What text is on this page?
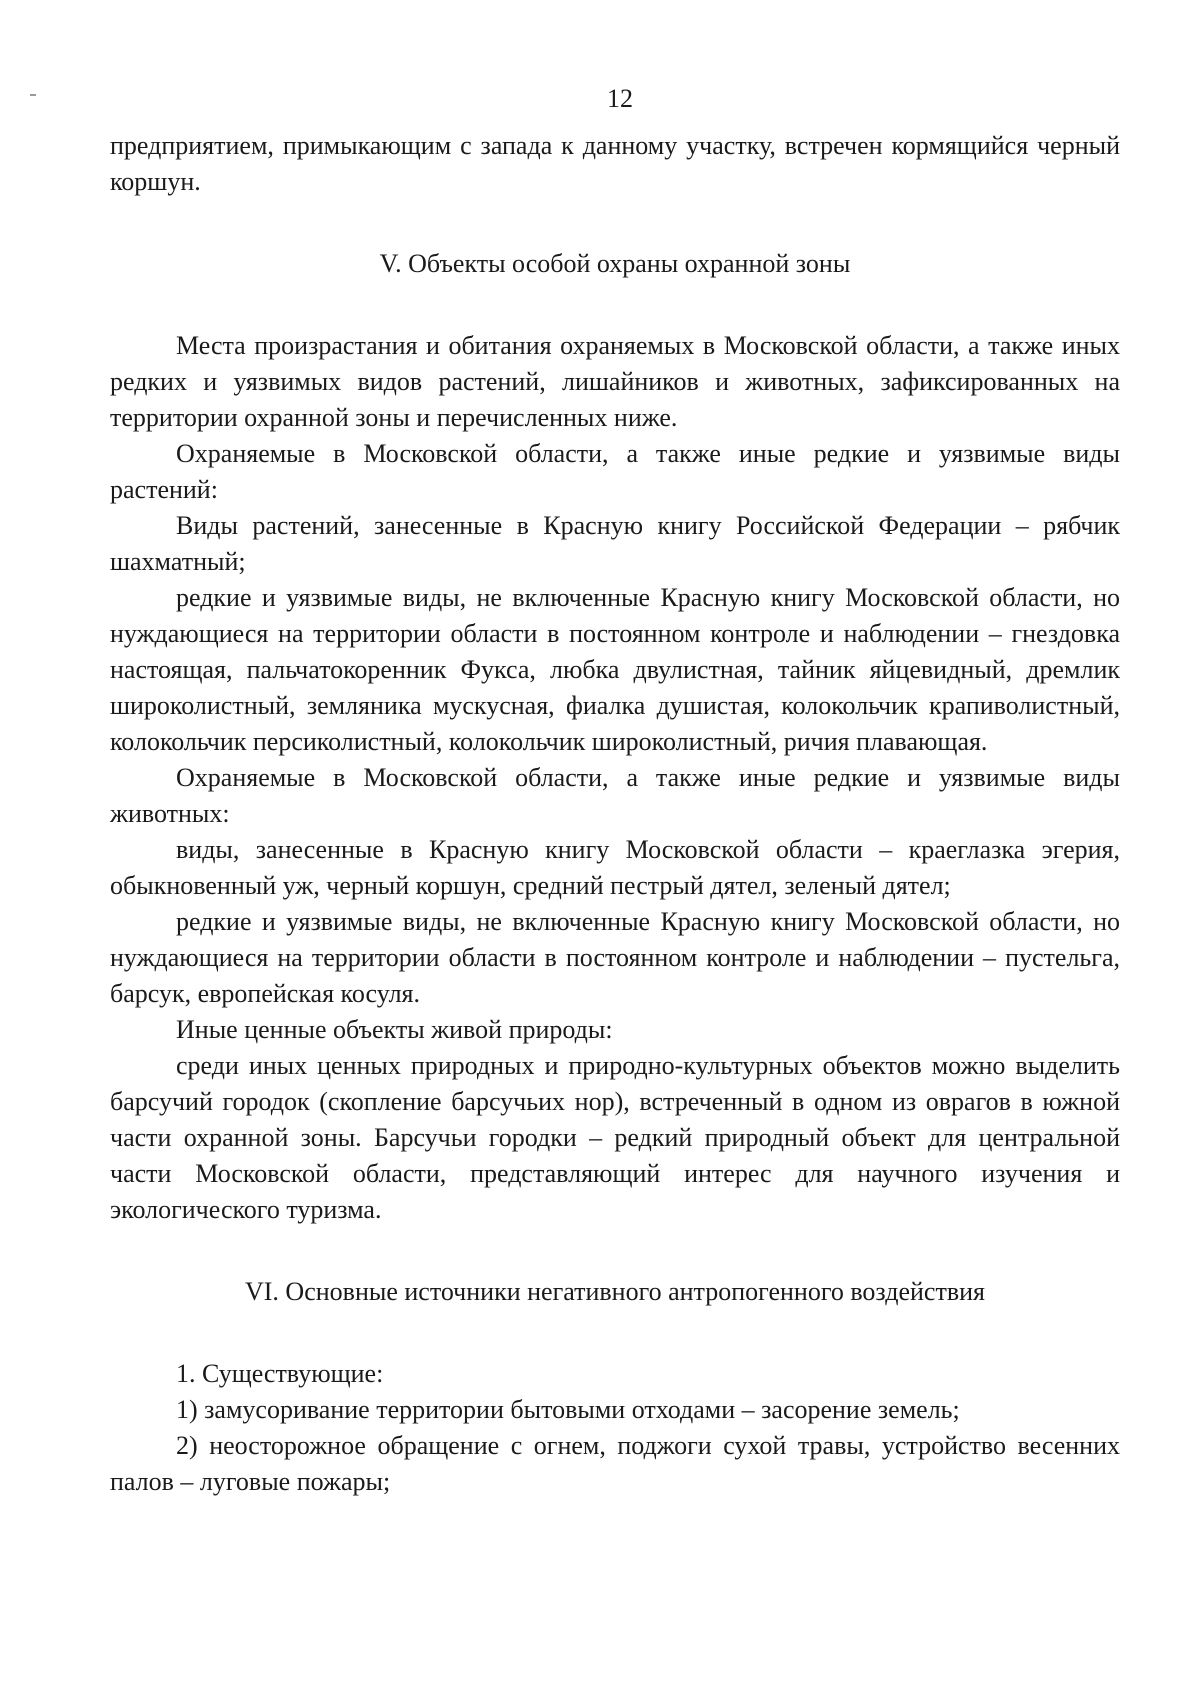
12

предприятием, примыкающим с запада к данному участку, встречен кормящийся черный коршун.

V. Объекты особой охраны охранной зоны

Места произрастания и обитания охраняемых в Московской области, а также иных редких и уязвимых видов растений, лишайников и животных, зафиксированных на территории охранной зоны и перечисленных ниже.

Охраняемые в Московской области, а также иные редкие и уязвимые виды растений:

Виды растений, занесенные в Красную книгу Российской Федерации – рябчик шахматный;

редкие и уязвимые виды, не включенные Красную книгу Московской области, но нуждающиеся на территории области в постоянном контроле и наблюдении – гнездовка настоящая, пальчатокоренник Фукса, любка двулистная, тайник яйцевидный, дремлик широколистный, земляника мускусная, фиалка душистая, колокольчик крапиволистный, колокольчик персиколистный, колокольчик широколистный, ричия плавающая.

Охраняемые в Московской области, а также иные редкие и уязвимые виды животных:

виды, занесенные в Красную книгу Московской области – краеглазка эгерия, обыкновенный уж, черный коршун, средний пестрый дятел, зеленый дятел;

редкие и уязвимые виды, не включенные Красную книгу Московской области, но нуждающиеся на территории области в постоянном контроле и наблюдении – пустельга, барсук, европейская косуля.

Иные ценные объекты живой природы:

среди иных ценных природных и природно-культурных объектов можно выделить барсучий городок (скопление барсучьих нор), встреченный в одном из оврагов в южной части охранной зоны. Барсучьи городки – редкий природный объект для центральной части Московской области, представляющий интерес для научного изучения и экологического туризма.

VI. Основные источники негативного антропогенного воздействия

1. Существующие:

1) замусоривание территории бытовыми отходами – засорение земель;

2) неосторожное обращение с огнем, поджоги сухой травы, устройство весенних палов – луговые пожары;
